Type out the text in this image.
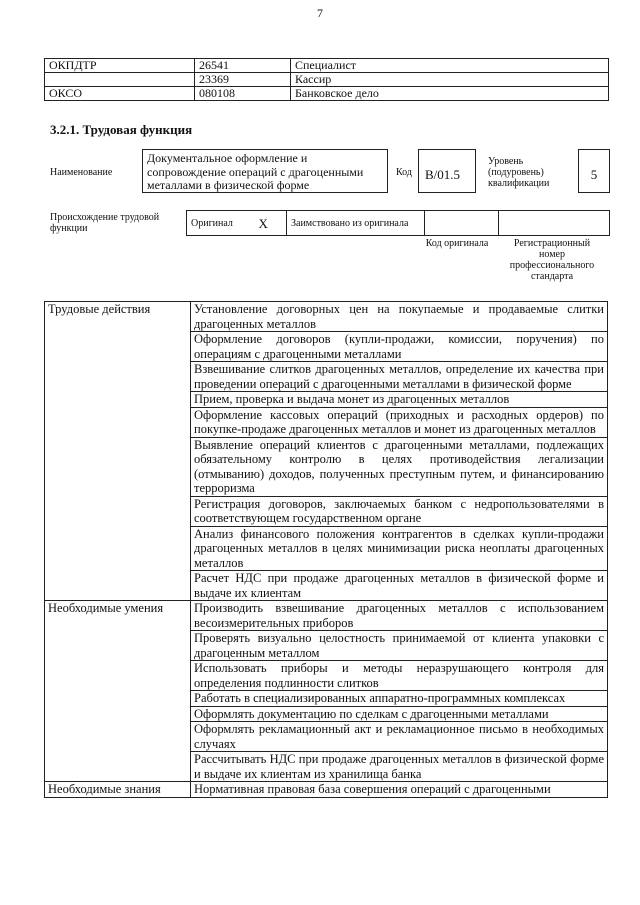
7
ОКПДТР	26541	Специалист
	23369	Кассир
ОКСО	080108	Банковское дело
3.2.1. Трудовая функция
Наименование
Документальное оформление и сопровождение операций с драгоценными металлами в физической форме
Код	В/01.5
Уровень (подуровень) квалификации
5
Происхождение трудовой функции	Оригинал	X	Заимствовано из оригинала		
Код оригинала	Регистрационный номер профессионального стандарта
Трудовые действия	Установление договорных цен на покупаемые и продаваемые слитки драгоценных металлов
	Оформление договоров (купли-продажи, комиссии, поручения) по операциям с драгоценными металлами
	Взвешивание слитков драгоценных металлов, определение их качества при проведении операций с драгоценными металлами в физической форме
	Прием, проверка и выдача монет из драгоценных металлов
	Оформление кассовых операций (приходных и расходных ордеров) по покупке-продаже драгоценных металлов и монет из драгоценных металлов
	Выявление операций клиентов с драгоценными металлами, подлежащих обязательному контролю в целях противодействия легализации (отмыванию) доходов, полученных преступным путем, и финансированию терроризма
	Регистрация договоров, заключаемых банком с недропользователями в соответствующем государственном органе
	Анализ финансового положения контрагентов в сделках купли-продажи драгоценных металлов в целях минимизации риска неоплаты драгоценных металлов
	Расчет НДС при продаже драгоценных металлов в физической форме и выдаче их клиентам
Необходимые умения	Производить взвешивание драгоценных металлов с использованием весоизмерительных приборов
	Проверять визуально целостность принимаемой от клиента упаковки с драгоценным металлом
	Использовать приборы и методы неразрушающего контроля для определения подлинности слитков
	Работать в специализированных аппаратно-программных комплексах
	Оформлять документацию по сделкам с драгоценными металлами
	Оформлять рекламационный акт и рекламационное письмо в необходимых случаях
	Рассчитывать НДС при продаже драгоценных металлов в физической форме и выдаче их клиентам из хранилища банка
Необходимые знания	Нормативная правовая база совершения операций с драгоценными
